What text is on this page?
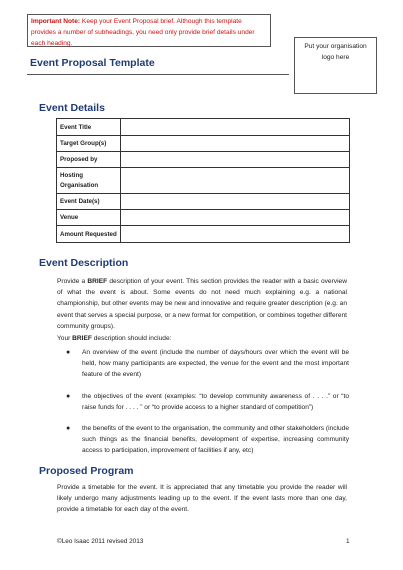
Important Note: Keep your Event Proposal brief. Although this template provides a number of subheadings, you need only provide brief details under each heading.	Put your organisation logo here
Event Proposal Template
Event Details
Event Title	
Target Group(s)	
Proposed by	
Hosting Organisation	
Event Date(s)	
Venue	
Amount Requested	
Event Description
Provide a BRIEF description of your event. This section provides the reader with a basic overview of what the event is about. Some events do not need much explaining e.g. a national championship, but other events may be new and innovative and require greater description (e.g. an event that serves a special purpose, or a new format for competition, or combines together different community groups).
Your BRIEF description should include:
● An overview of the event (include the number of days/hours over which the event will be held, how many participants are expected, the venue for the event and the most important feature of the event)
● the objectives of the event (examples: “to develop community awareness of . . . .” or “to raise funds for . . . . ” or “to provide access to a higher standard of competition”)
● the benefits of the event to the organisation, the community and other stakeholders (include such things as the financial benefits, development of expertise, increasing community access to participation, improvement of facilities if any, etc)
Proposed Program
Provide a timetable for the event. It is appreciated that any timetable you provide the reader will likely undergo many adjustments leading up to the event. If the event lasts more than one day, provide a timetable for each day of the event.
©Leo Isaac 2011 revised 2013	1
